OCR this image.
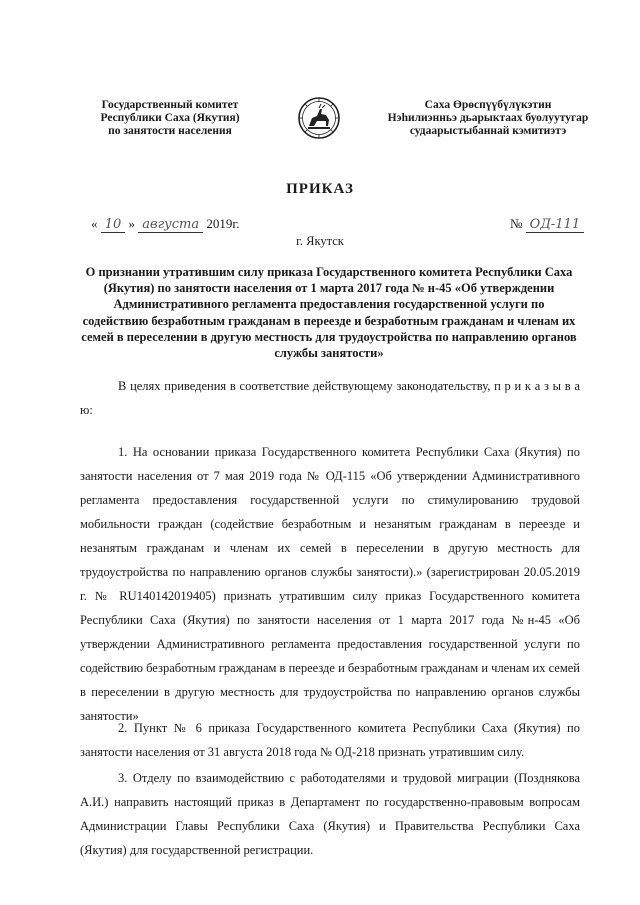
Государственный комитет
Республики Саха (Якутия)
по занятости населения
Саха Өрөспүүбүлүкэтин
Нэһилиэнньэ дьарыктаах буолуутугар
судаарыстыбаннай кэмитиэтэ
ПРИКАЗ
« 10 » августа 2019г.	№ ОД-111
г. Якутск
О признании утратившим силу приказа Государственного комитета Республики Саха (Якутия) по занятости населения от 1 марта 2017 года № н-45 «Об утверждении Административного регламента предоставления государственной услуги по содействию безработным гражданам в переезде и безработным гражданам и членам их семей в переселении в другую местность для трудоустройства по направлению органов службы занятости»
В целях приведения в соответствие действующему законодательству, п р и к а з ы в а ю:
1. На основании приказа Государственного комитета Республики Саха (Якутия) по занятости населения от 7 мая 2019 года № ОД-115 «Об утверждении Административного регламента предоставления государственной услуги по стимулированию трудовой мобильности граждан (содействие безработным и незанятым гражданам в переезде и незанятым гражданам и членам их семей в переселении в другую местность для трудоустройства по направлению органов службы занятости).» (зарегистрирован 20.05.2019 г. № RU140142019405) признать утратившим силу приказ Государственного комитета Республики Саха (Якутия) по занятости населения от 1 марта 2017 года №н-45 «Об утверждении Административного регламента предоставления государственной услуги по содействию безработным гражданам в переезде и безработным гражданам и членам их семей в переселении в другую местность для трудоустройства по направлению органов службы занятости»
2. Пункт № 6 приказа Государственного комитета Республики Саха (Якутия) по занятости населения от 31 августа 2018 года № ОД-218 признать утратившим силу.
3. Отделу по взаимодействию с работодателями и трудовой миграции (Позднякова А.И.) направить настоящий приказ в Департамент по государственно-правовым вопросам Администрации Главы Республики Саха (Якутия) и Правительства Республики Саха (Якутия) для государственной регистрации.
